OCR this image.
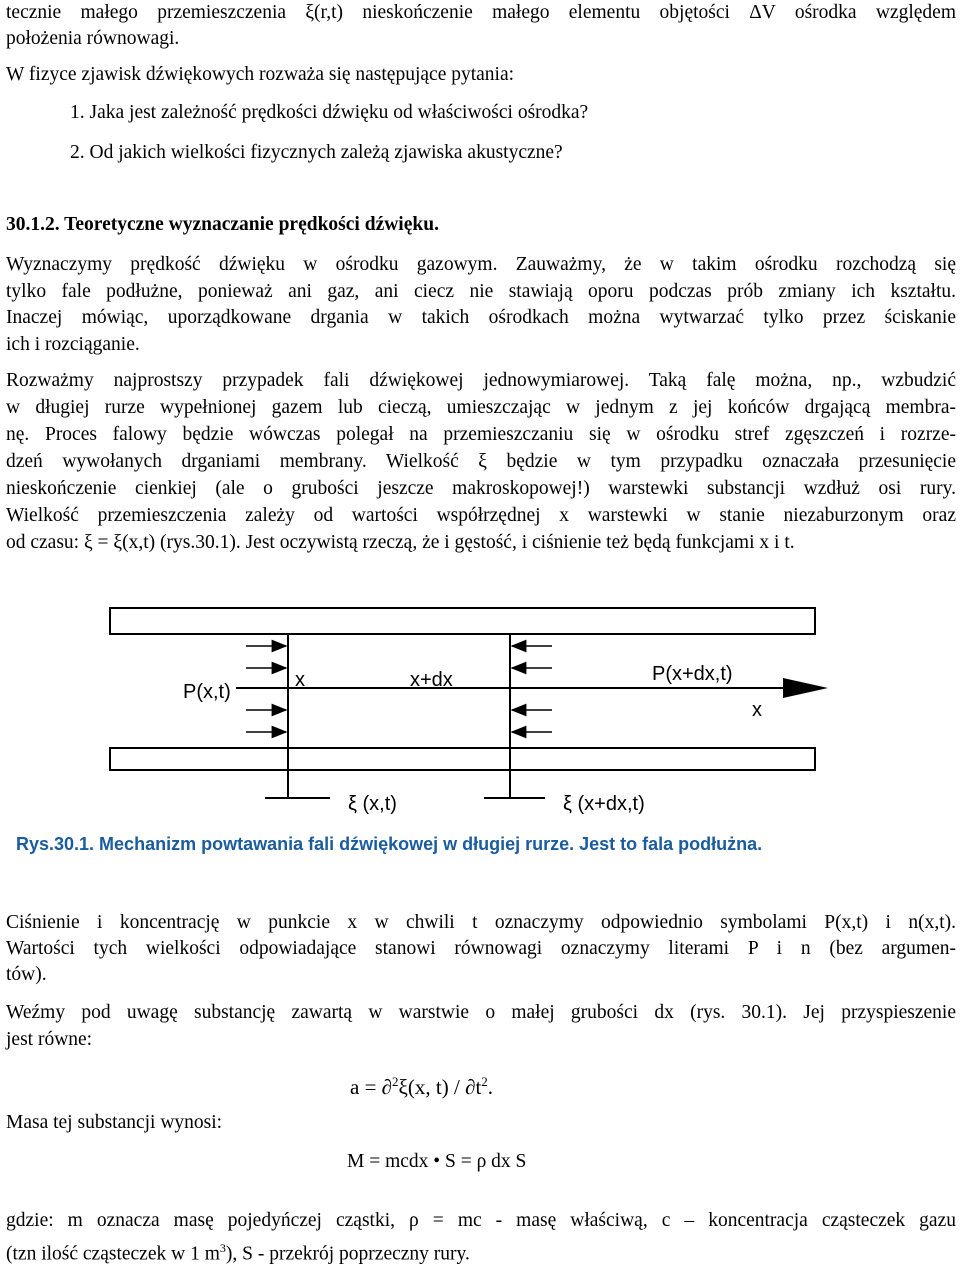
tecznie małego przemieszczenia ξ(r,t) nieskończenie małego elementu objętości ΔV ośrodka względem
położenia równowagi.
W fizyce zjawisk dźwiękowych rozważa się następujące pytania:
1. Jaka jest zależność prędkości dźwięku od właściwości ośrodka?
2. Od jakich wielkości fizycznych zależą zjawiska akustyczne?
30.1.2. Teoretyczne wyznaczanie prędkości dźwięku.
Wyznaczymy prędkość dźwięku w ośrodku gazowym. Zauważmy, że w takim ośrodku rozchodzą się
tylko fale podłużne, ponieważ ani gaz, ani ciecz nie stawiają oporu podczas prób zmiany ich kształtu.
Inaczej mówiąc, uporządkowane drgania w takich ośrodkach można wytwarzać tylko przez ściskanie
ich i rozciąganie.
Rozważmy najprostszy przypadek fali dźwiękowej jednowymiarowej. Taką falę można, np., wzbudzić
w długiej rurze wypełnionej gazem lub cieczą, umieszczając w jednym z jej końców drgającą membra-
nę. Proces falowy będzie wówczas polegał na przemieszczaniu się w ośrodku stref zgęszczeń i rozrze-
dzeń wywołanych drganiami membrany. Wielkość ξ będzie w tym przypadku oznaczała przesunięcie
nieskończenie cienkiej (ale o grubości jeszcze makroskopowej!) warstewki substancji wzdłuż osi rury.
Wielkość przemieszczenia zależy od wartości współrzędnej x warstewki w stanie niezaburzonym oraz
od czasu: ξ = ξ(x,t) (rys.30.1). Jest oczywistą rzeczą, że i gęstość, i ciśnienie też będą funkcjami x i t.
P(x,t)
x	x+dx	P(x+dx,t)
x
ξ (x,t)	ξ (x+dx,t)
Rys.30.1. Mechanizm powtawania fali dźwiękowej w długiej rurze. Jest to fala podłużna.
Ciśnienie i koncentrację w punkcie x w chwili t oznaczymy odpowiednio symbolami P(x,t) i n(x,t).
Wartości tych wielkości odpowiadające stanowi równowagi oznaczymy literami P i n (bez argumen-
tów).
Weźmy pod uwagę substancję zawartą w warstwie o małej grubości dx (rys. 30.1). Jej przyspieszenie
jest równe:
a = ∂$^2$ξ(x, $t) / \partial t^2$.
Masa tej substancji wynosi:
M = mcdx • S = ρ dx S
gdzie: m oznacza masę pojedyńczej cząstki, ρ = mc - masę właściwą, c – koncentracja cząsteczek gazu
(tzn ilość cząsteczek w 1 $m^3$), S - przekrój poprzeczny rury.
